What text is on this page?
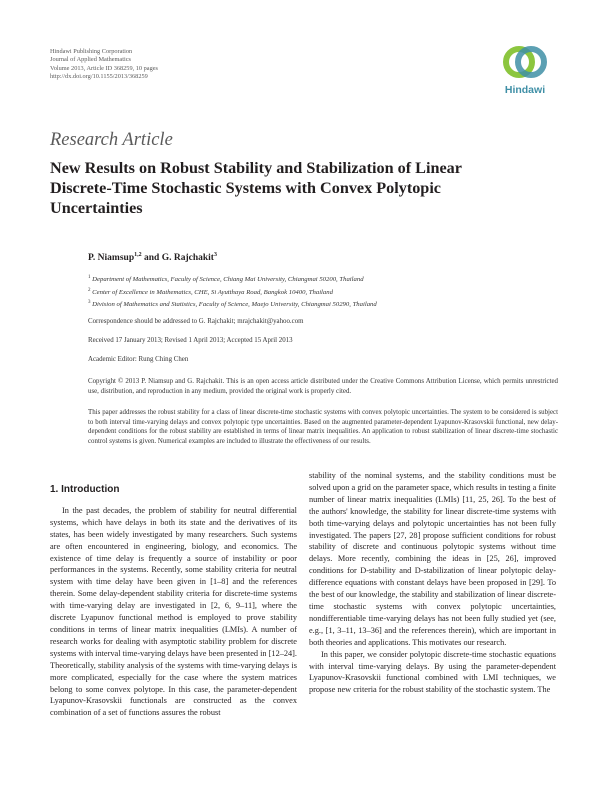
Hindawi Publishing Corporation
Journal of Applied Mathematics
Volume 2013, Article ID 368259, 10 pages
http://dx.doi.org/10.1155/2013/368259
Hindawi
Research Article
New Results on Robust Stability and Stabilization of Linear Discrete-Time Stochastic Systems with Convex Polytopic Uncertainties
P. Niamsup$^{1,2}$ and G. Rajchakit$^3$
$^1$ Department of Mathematics, Faculty of Science, Chiang Mai University, Chiangmai 50200, Thailand
$^2$ Center of Excellence in Mathematics, CHE, Si Ayutthaya Road, Bangkok 10400, Thailand
$^3$ Division of Mathematics and Statistics, Faculty of Science, Maejo University, Chiangmai 50290, Thailand
Correspondence should be addressed to G. Rajchakit; mrajchakit@yahoo.com
Received 17 January 2013; Revised 1 April 2013; Accepted 15 April 2013
Academic Editor: Rung Ching Chen
Copyright © 2013 P. Niamsup and G. Rajchakit. This is an open access article distributed under the Creative Commons Attribution License, which permits unrestricted use, distribution, and reproduction in any medium, provided the original work is properly cited.
This paper addresses the robust stability for a class of linear discrete-time stochastic systems with convex polytopic uncertainties. The system to be considered is subject to both interval time-varying delays and convex polytopic type uncertainties. Based on the augmented parameter-dependent Lyapunov-Krasovskii functional, new delay-dependent conditions for the robust stability are established in terms of linear matrix inequalities. An application to robust stabilization of linear discrete-time stochastic control systems is given. Numerical examples are included to illustrate the effectiveness of our results.
1. Introduction

In the past decades, the problem of stability for neutral differential systems, which have delays in both its state and the derivatives of its states, has been widely investigated by many researchers. Such systems are often encountered in engineering, biology, and economics. The existence of time delay is frequently a source of instability or poor performances in the systems. Recently, some stability criteria for neutral system with time delay have been given in [1–8] and the references therein. Some delay-dependent stability criteria for discrete-time systems with time-varying delay are investigated in [2, 6, 9–11], where the discrete Lyapunov functional method is employed to prove stability conditions in terms of linear matrix inequalities (LMIs). A number of research works for dealing with asymptotic stability problem for discrete systems with interval time-varying delays have been presented in [12–24]. Theoretically, stability analysis of the systems with time-varying delays is more complicated, especially for the case where the system matrices belong to some convex polytope. In this case, the parameter-dependent Lyapunov-Krasovskii functionals are constructed as the convex combination of a set of functions assures the robust

stability of the nominal systems, and the stability conditions must be solved upon a grid on the parameter space, which results in testing a finite number of linear matrix inequalities (LMIs) [11, 25, 26]. To the best of the authors' knowledge, the stability for linear discrete-time systems with both time-varying delays and polytopic uncertainties has not been fully investigated. The papers [27, 28] propose sufficient conditions for robust stability of discrete and continuous polytopic systems without time delays. More recently, combining the ideas in [25, 26], improved conditions for D-stability and D-stabilization of linear polytopic delay-difference equations with constant delays have been proposed in [29]. To the best of our knowledge, the stability and stabilization of linear discrete-time stochastic systems with convex polytopic uncertainties, nondifferentiable time-varying delays has not been fully studied yet (see, e.g., [1, 3–11, 13–36] and the references therein), which are important in both theories and applications. This motivates our research.

In this paper, we consider polytopic discrete-time stochastic equations with interval time-varying delays. By using the parameter-dependent Lyapunov-Krasovskii functional combined with LMI techniques, we propose new criteria for the robust stability of the stochastic system. The
